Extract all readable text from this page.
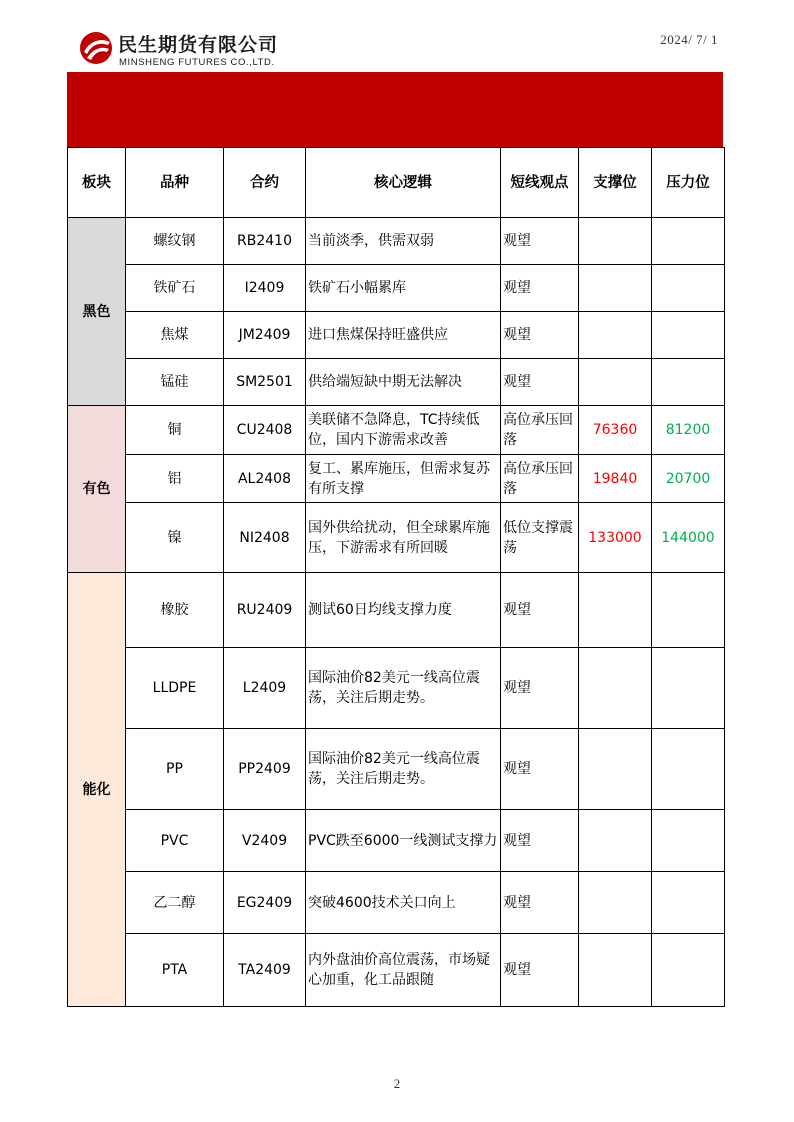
民生期货有限公司
MINSHENG FUTURES CO.,LTD.
2024/ 7/ 1
板块	品种	合约	核心逻辑	短线观点	支撑位	压力位
黑色	螺纹钢	RB2410	当前淡季，供需双弱	观望		
	铁矿石	I2409	铁矿石小幅累库	观望		
	焦煤	JM2409	进口焦煤保持旺盛供应	观望		
	锰硅	SM2501	供给端短缺中期无法解决	观望		
有色	铜	CU2408	美联储不急降息，TC持续低位，国内下游需求改善	高位承压回落	76360	81200
	铝	AL2408	复工、累库施压，但需求复苏有所支撑	高位承压回落	19840	20700
	镍	NI2408	国外供给扰动，但全球累库施压，下游需求有所回暖	低位支撑震荡	133000	144000
能化	橡胶	RU2409	测试60日均线支撑力度	观望		
	LLDPE	L2409	国际油价82美元一线高位震荡，关注后期走势。	观望		
	PP	PP2409	国际油价82美元一线高位震荡，关注后期走势。	观望		
	PVC	V2409	PVC跌至6000一线测试支撑力	观望		
	乙二醇	EG2409	突破4600技术关口向上	观望		
	PTA	TA2409	内外盘油价高位震荡，市场疑心加重，化工品跟随	观望		
2
